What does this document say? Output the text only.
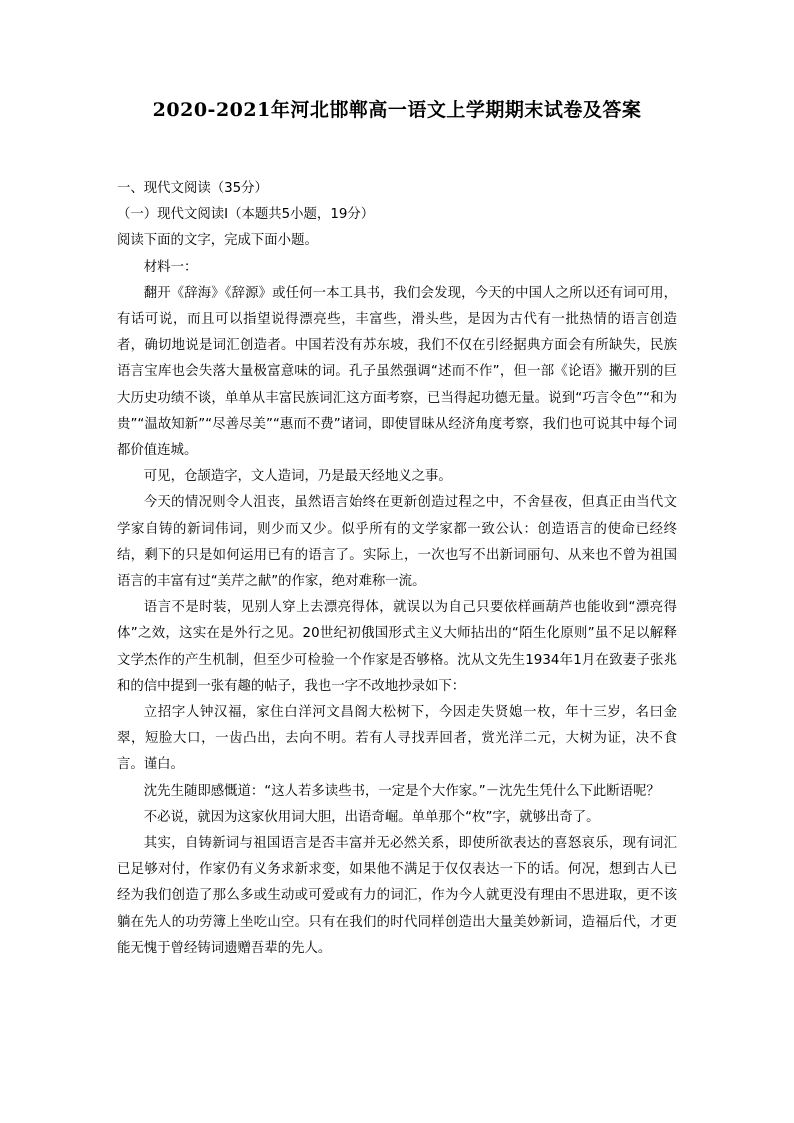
2020-2021年河北邯郸高一语文上学期期末试卷及答案

一、现代文阅读（35分）

（一）现代文阅读Ⅰ（本题共5小题，19分）

阅读下面的文字，完成下面小题。

材料一：

翻开《辞海》《辞源》或任何一本工具书，我们会发现，今天的中国人之所以还有词可用，有话可说，而且可以指望说得漂亮些，丰富些，滑头些，是因为古代有一批热情的语言创造者，确切地说是词汇创造者。中国若没有苏东坡，我们不仅在引经据典方面会有所缺失，民族语言宝库也会失落大量极富意味的词。孔子虽然强调“述而不作”，但一部《论语》撇开别的巨大历史功绩不谈，单单从丰富民族词汇这方面考察，已当得起功德无量。说到“巧言令色”“和为贵”“温故知新”“尽善尽美”“惠而不费”诸词，即使冒昧从经济角度考察，我们也可说其中每个词都价值连城。

可见，仓颉造字，文人造词，乃是最天经地义之事。

今天的情况则令人沮丧，虽然语言始终在更新创造过程之中，不舍昼夜，但真正由当代文学家自铸的新词伟词，则少而又少。似乎所有的文学家都一致公认：创造语言的使命已经终结，剩下的只是如何运用已有的语言了。实际上，一次也写不出新词丽句、从来也不曾为祖国语言的丰富有过“美芹之献”的作家，绝对难称一流。

语言不是时装，见别人穿上去漂亮得体，就误以为自己只要依样画葫芦也能收到“漂亮得体”之效，这实在是外行之见。20世纪初俄国形式主义大师拈出的“陌生化原则”虽不足以解释文学杰作的产生机制，但至少可检验一个作家是否够格。沈从文先生1934年1月在致妻子张兆和的信中提到一张有趣的帖子，我也一字不改地抄录如下：

立招字人钟汉福，家住白洋河文昌阁大松树下，今因走失贤媳一枚，年十三岁，名曰金翠，短脸大口，一齿凸出，去向不明。若有人寻找弄回者，赏光洋二元，大树为证，决不食言。谨白。

沈先生随即感慨道：“这人若多读些书，一定是个大作家。”－沈先生凭什么下此断语呢？

不必说，就因为这家伙用词大胆，出语奇崛。单单那个“枚”字，就够出奇了。

其实，自铸新词与祖国语言是否丰富并无必然关系，即使所欲表达的喜怒哀乐，现有词汇已足够对付，作家仍有义务求新求变，如果他不满足于仅仅表达一下的话。何况，想到古人已经为我们创造了那么多或生动或可爱或有力的词汇，作为今人就更没有理由不思进取，更不该躺在先人的功劳簿上坐吃山空。只有在我们的时代同样创造出大量美妙新词，造福后代，才更能无愧于曾经铸词遗赠吾辈的先人。
